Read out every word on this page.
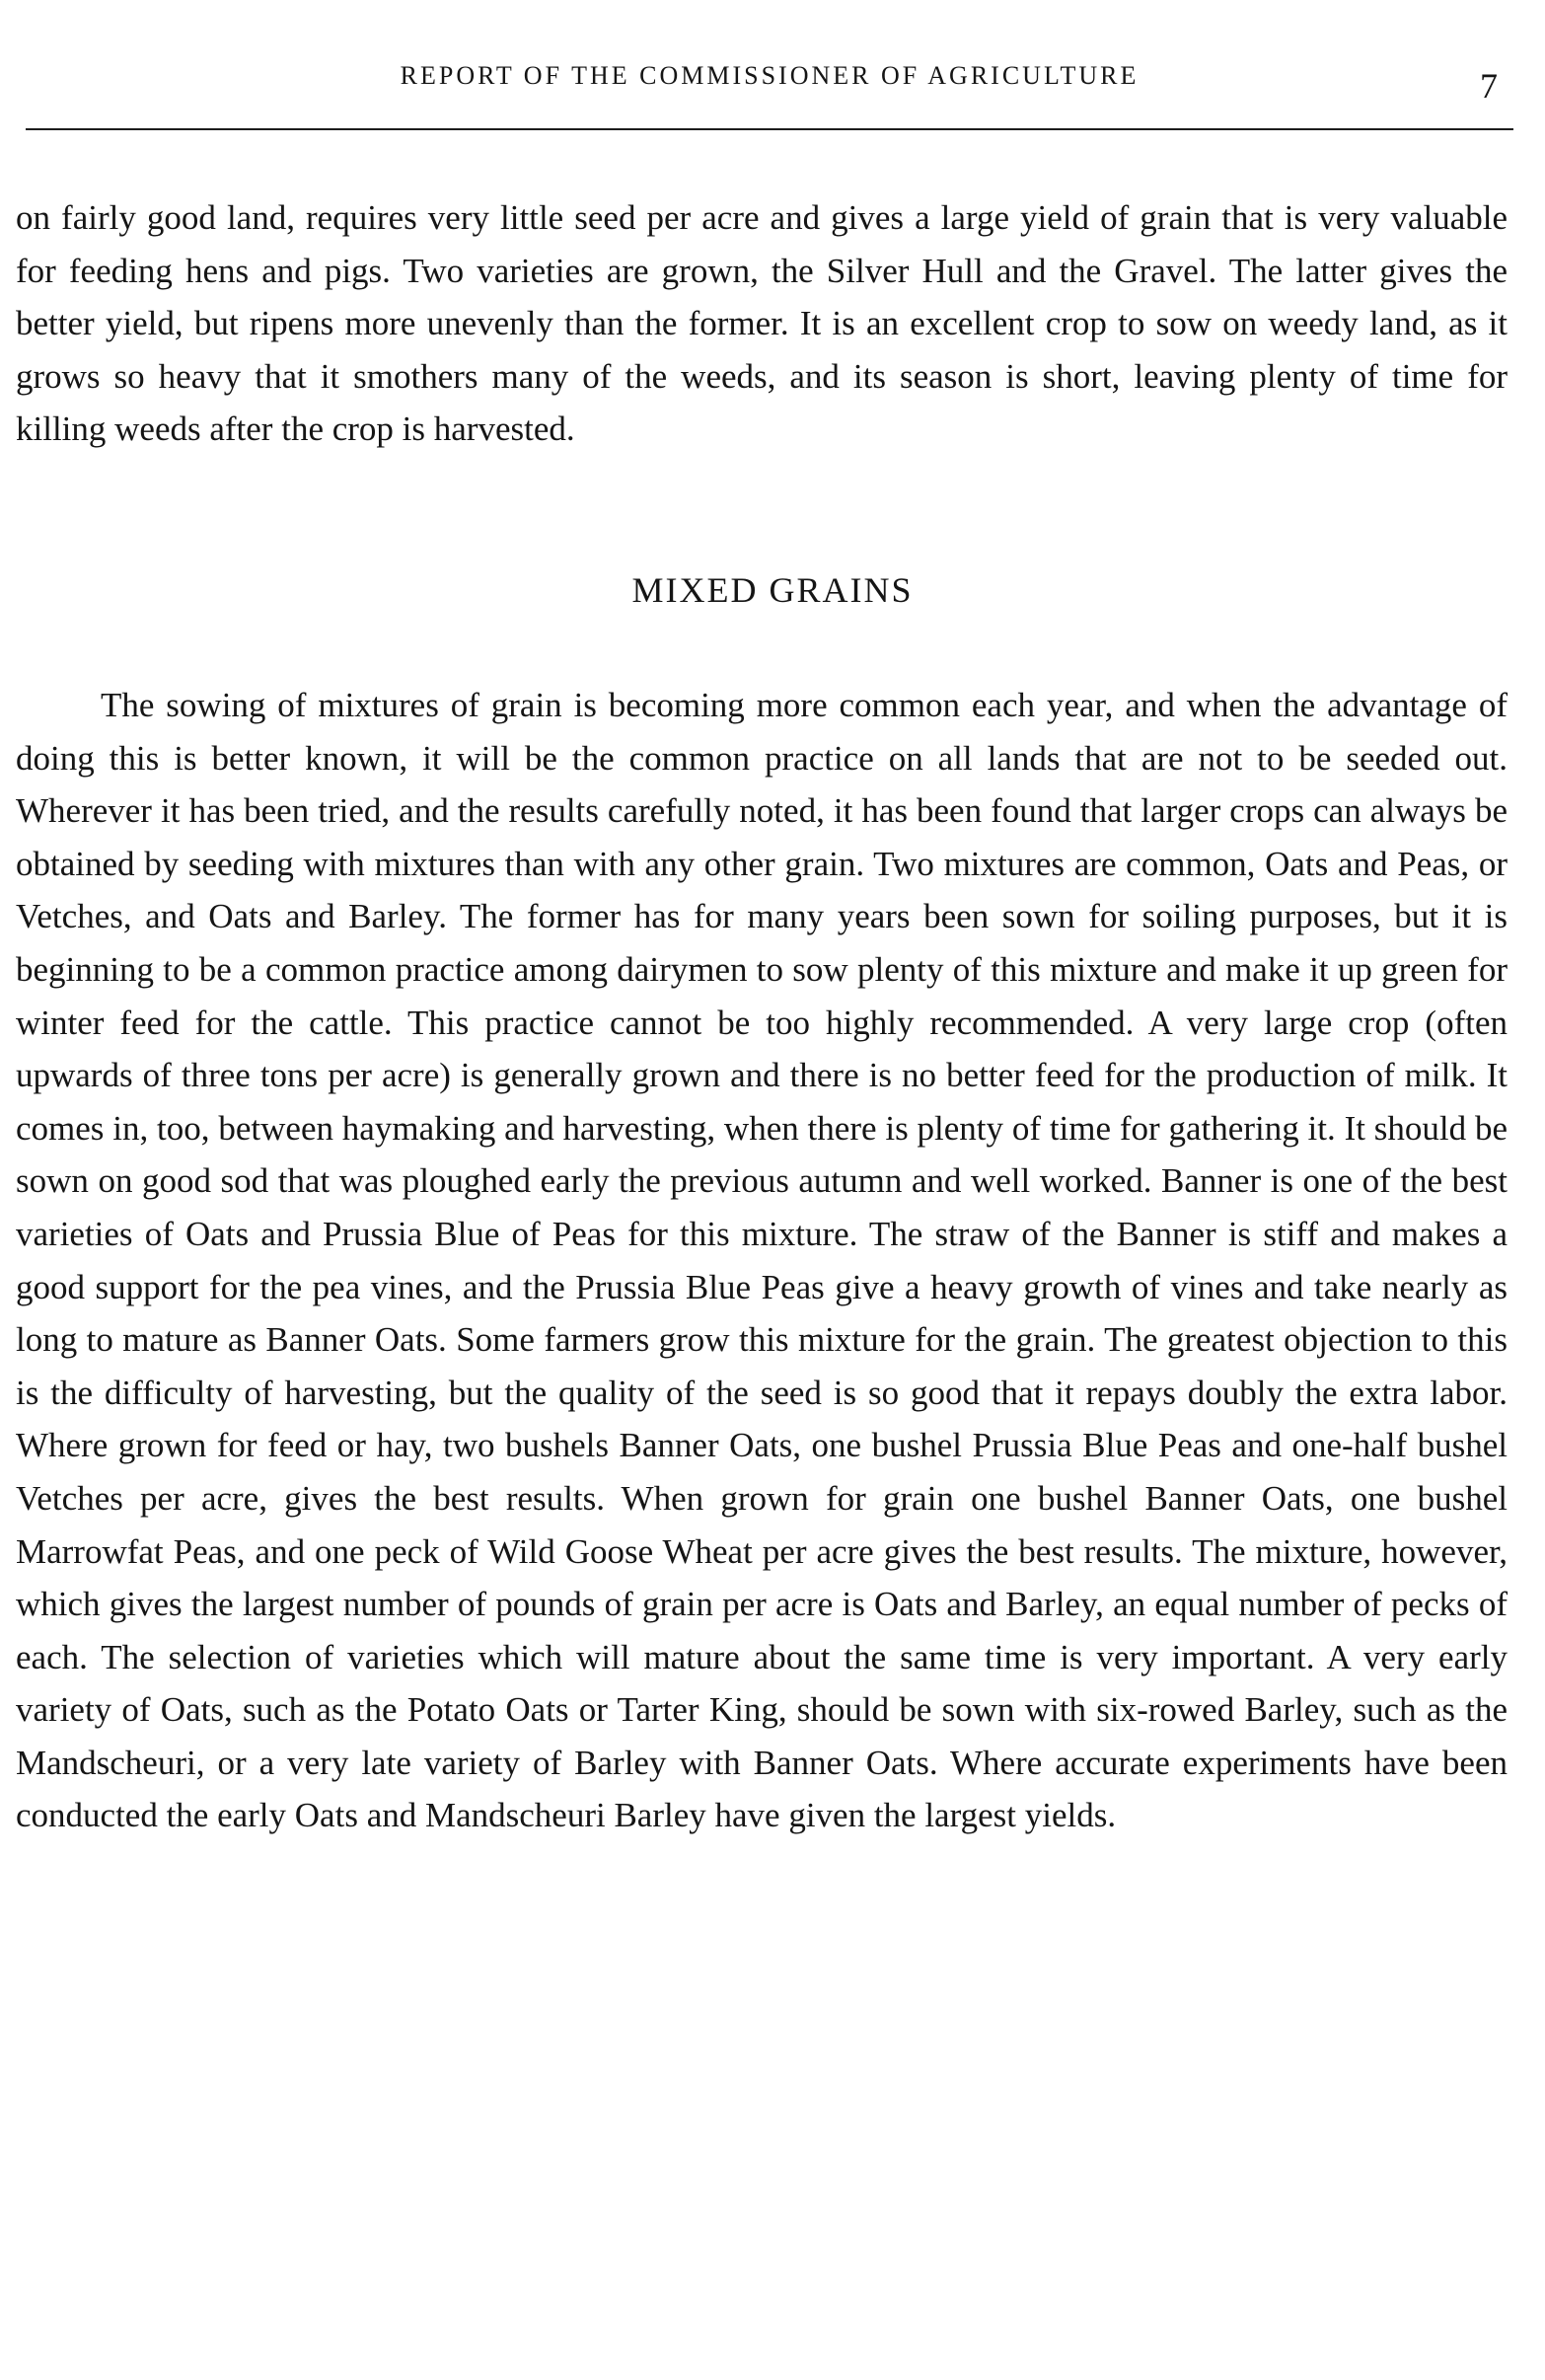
REPORT OF THE COMMISSIONER OF AGRICULTURE	7

on fairly good land, requires very little seed per acre and gives a large yield of grain that is very valuable for feeding hens and pigs. Two varieties are grown, the Silver Hull and the Gravel. The latter gives the better yield, but ripens more unevenly than the former. It is an excellent crop to sow on weedy land, as it grows so heavy that it smothers many of the weeds, and its season is short, leaving plenty of time for killing weeds after the crop is harvested.

MIXED GRAINS

The sowing of mixtures of grain is becoming more common each year, and when the advantage of doing this is better known, it will be the common practice on all lands that are not to be seeded out. Wherever it has been tried, and the results carefully noted, it has been found that larger crops can always be obtained by seeding with mixtures than with any other grain. Two mixtures are common, Oats and Peas, or Vetches, and Oats and Barley. The former has for many years been sown for soiling purposes, but it is beginning to be a common practice among dairymen to sow plenty of this mixture and make it up green for winter feed for the cattle. This practice cannot be too highly recommended. A very large crop (often upwards of three tons per acre) is generally grown and there is no better feed for the production of milk. It comes in, too, between haymaking and harvesting, when there is plenty of time for gathering it. It should be sown on good sod that was ploughed early the previous autumn and well worked. Banner is one of the best varieties of Oats and Prussia Blue of Peas for this mixture. The straw of the Banner is stiff and makes a good support for the pea vines, and the Prussia Blue Peas give a heavy growth of vines and take nearly as long to mature as Banner Oats. Some farmers grow this mixture for the grain. The greatest objection to this is the difficulty of harvesting, but the quality of the seed is so good that it repays doubly the extra labor. Where grown for feed or hay, two bushels Banner Oats, one bushel Prussia Blue Peas and one-half bushel Vetches per acre, gives the best results. When grown for grain one bushel Banner Oats, one bushel Marrowfat Peas, and one peck of Wild Goose Wheat per acre gives the best results. The mixture, however, which gives the largest number of pounds of grain per acre is Oats and Barley, an equal number of pecks of each. The selection of varieties which will mature about the same time is very important. A very early variety of Oats, such as the Potato Oats or Tarter King, should be sown with six-rowed Barley, such as the Mandscheuri, or a very late variety of Barley with Banner Oats. Where accurate experiments have been conducted the early Oats and Mandscheuri Barley have given the largest yields.
